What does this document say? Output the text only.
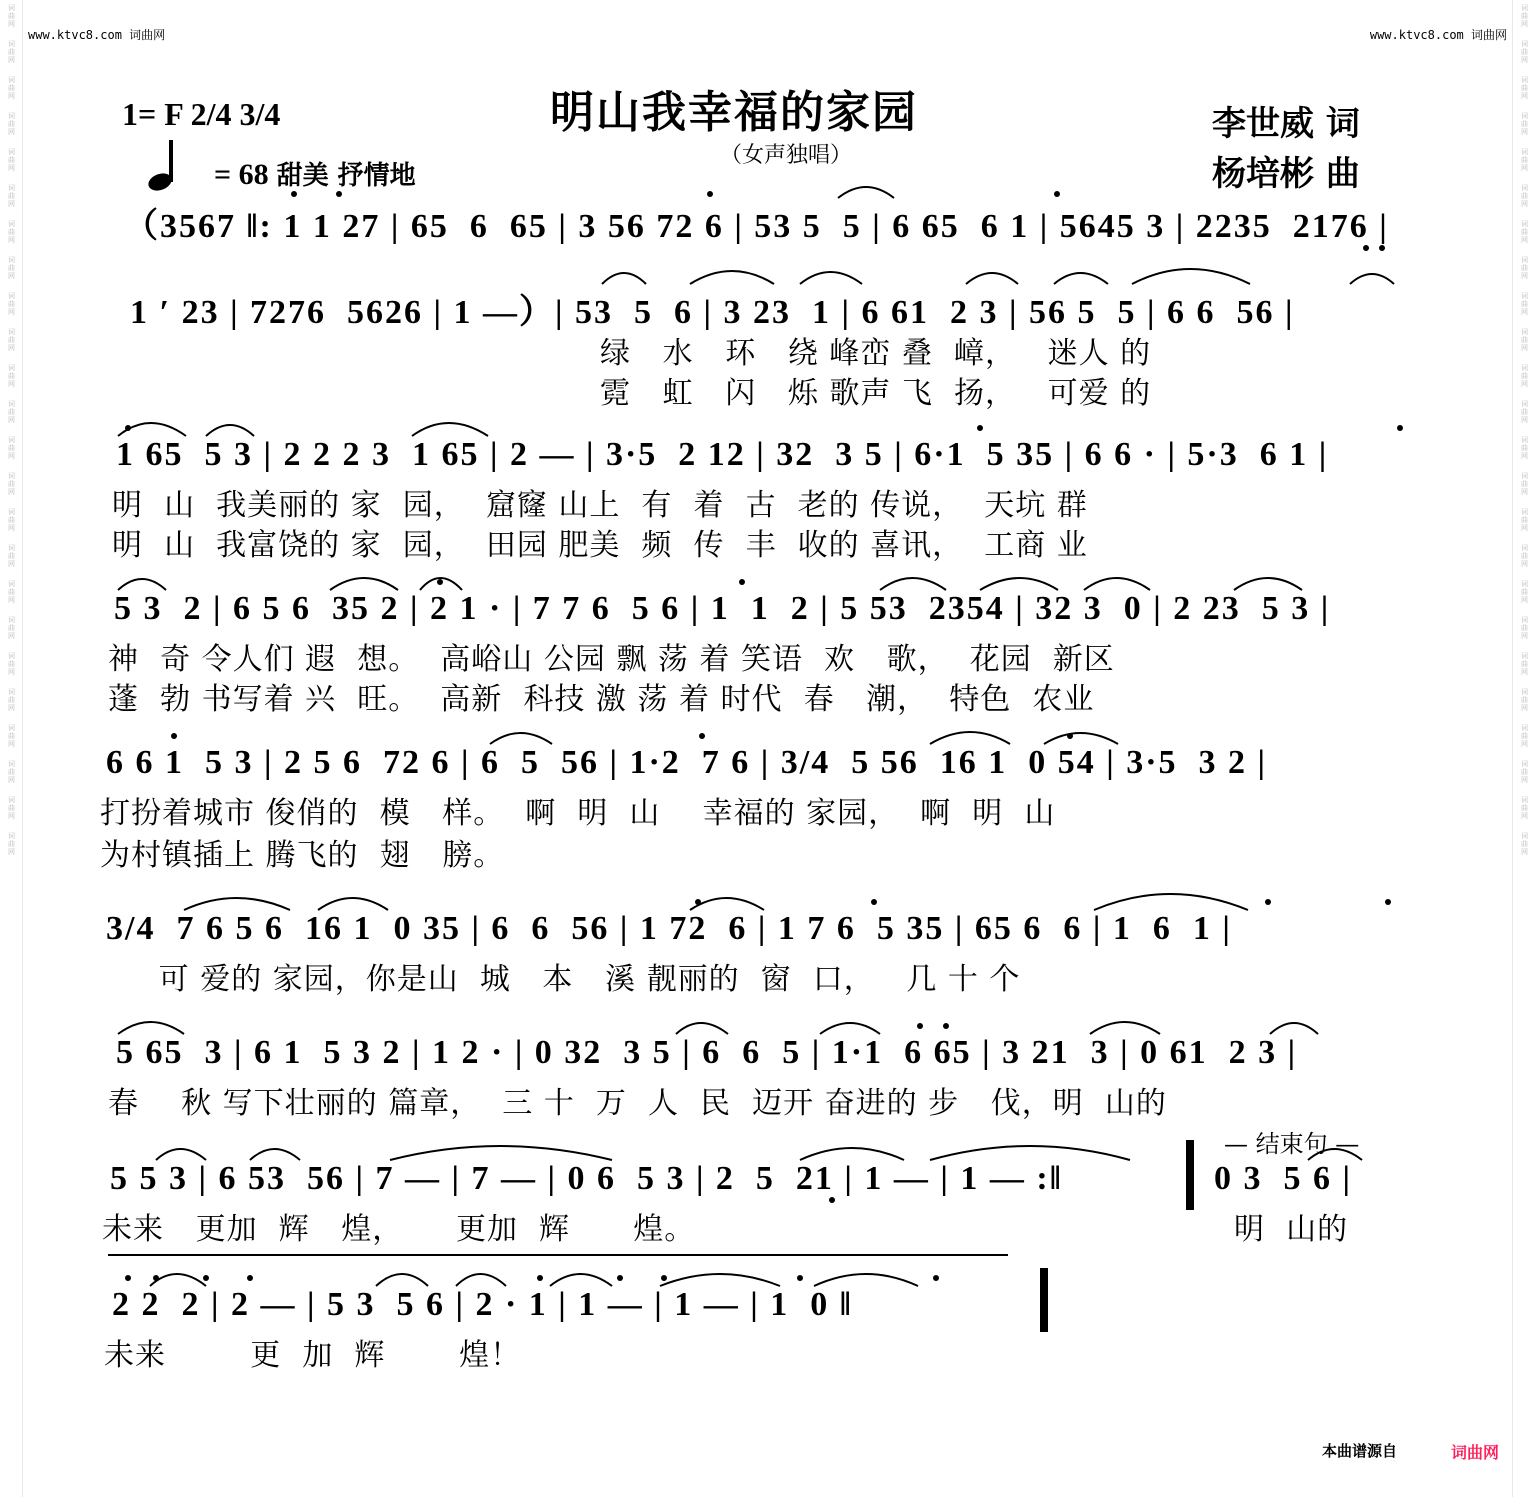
词曲网
词曲网
词曲网
词曲网
词曲网
词曲网
词曲网
词曲网
词曲网
词曲网
词曲网
词曲网
词曲网
词曲网
词曲网
词曲网
词曲网
词曲网
词曲网
词曲网
词曲网
词曲网
词曲网
词曲网
词曲网
词曲网
词曲网
词曲网
词曲网
词曲网
词曲网
词曲网
词曲网
词曲网
词曲网
词曲网
词曲网
词曲网
词曲网
词曲网
词曲网
词曲网
词曲网
词曲网
词曲网
词曲网
词曲网
词曲网
www.ktvc8.com 词曲网	www.ktvc8.com 词曲网
1= F 2/4 3/4
= 68 甜美 抒情地
明山我幸福的家园
（女声独唱）
李世威 词
杨培彬 曲
（3567 ‖: 1 1 27 | 65  6  65 | 3 56 72 6 | 53 5  5 | 6 65  6 1 | 5645 3 | 2235  2176 |
1 ′ 23 | 7276  5626 | 1 —）| 53  5  6 | 3 23  1 | 6 61  2 3 | 56 5  5 | 6 6  56 |
绿   水   环   绕 峰峦 叠  嶂，   迷人 的
霓   虹   闪   烁 歌声 飞  扬，   可爱 的
1 65  5 3 | 2 2 2 3  1 65 | 2 — | 3·5  2 12 | 32  3 5 | 6·1  5 35 | 6 6 · | 5·3  6 1 |
明  山  我美丽的 家  园，  窟窿 山上  有  着  古  老的 传说，  天坑 群
明  山  我富饶的 家  园，  田园 肥美  频  传  丰  收的 喜讯，  工商 业
5 3  2 | 6 5 6  35 2 | 2 1 · | 7 7 6  5 6 | 1  1  2 | 5 53  2354 | 32 3  0 | 2 23  5 3 |
神  奇 令人们 遐  想。  高峪山 公园 飘 荡 着 笑语  欢   歌，  花园  新区
蓬  勃 书写着 兴  旺。  高新  科技 激 荡 着 时代  春   潮，  特色  农业
6 6 1  5 3 | 2 5 6  72 6 | 6  5  56 | 1·2  7 6 | 3/4  5 56  16 1  0 54 | 3·5  3 2 |
打扮着城市 俊俏的  模   样。  啊  明  山    幸福的 家园，  啊  明  山
为村镇插上 腾飞的  翅   膀。
3/4  7 6 5 6  16 1  0 35 | 6  6  56 | 1 72  6 | 1 7 6  5 35 | 65 6  6 | 1  6  1 |
可 爱的 家园，你是山  城   本   溪 靓丽的  窗  口，   几 十 个
5 65  3 | 6 1  5 3 2 | 1 2 · | 0 32  3 5 | 6  6  5 | 1·1  6 65 | 3 21  3 | 0 61  2 3 |
春    秋 写下壮丽的 篇章，  三 十  万  人  民  迈开 奋进的 步   伐，明  山的
5 5 3 | 6 53  56 | 7 — | 7 — | 0 6  5 3 | 2  5  21 | 1 — | 1 — :‖
未来   更加  辉   煌，     更加  辉      煌。
— 结束句 —
0 3  5 6 |
明  山的
2 2  2 | 2 — | 5 3  5 6 | 2 · 1 | 1 — | 1 — | 1  0 ‖
未来        更  加  辉       煌！
本曲谱源自	词曲网
